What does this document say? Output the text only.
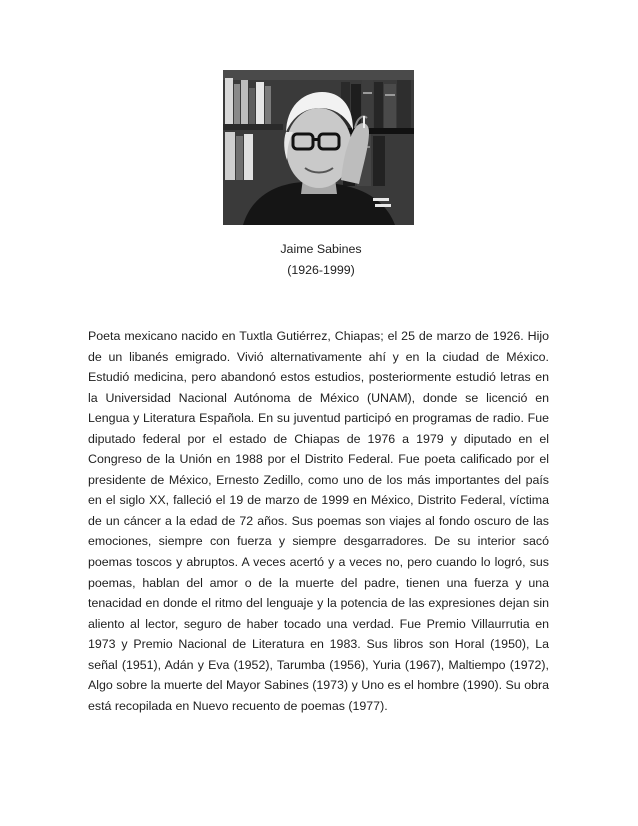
Jaime Sabines
(1926-1999)

Poeta mexicano nacido en Tuxtla Gutiérrez, Chiapas; el 25 de marzo de 1926. Hijo de un libanés emigrado. Vivió alternativamente ahí y en la ciudad de México. Estudió medicina, pero abandonó estos estudios, posteriormente estudió letras en la Universidad Nacional Autónoma de México (UNAM), donde se licenció en Lengua y Literatura Española. En su juventud participó en programas de radio. Fue diputado federal por el estado de Chiapas de 1976 a 1979 y diputado en el Congreso de la Unión en 1988 por el Distrito Federal. Fue poeta calificado por el presidente de México, Ernesto Zedillo, como uno de los más importantes del país en el siglo XX, falleció el 19 de marzo de 1999 en México, Distrito Federal, víctima de un cáncer a la edad de 72 años. Sus poemas son viajes al fondo oscuro de las emociones, siempre con fuerza y siempre desgarradores. De su interior sacó poemas toscos y abruptos. A veces acertó y a veces no, pero cuando lo logró, sus poemas, hablan del amor o de la muerte del padre, tienen una fuerza y una tenacidad en donde el ritmo del lenguaje y la potencia de las expresiones dejan sin aliento al lector, seguro de haber tocado una verdad. Fue Premio Villaurrutia en 1973 y Premio Nacional de Literatura en 1983. Sus libros son Horal (1950), La señal (1951), Adán y Eva (1952), Tarumba (1956), Yuria (1967), Maltiempo (1972), Algo sobre la muerte del Mayor Sabines (1973) y Uno es el hombre (1990). Su obra está recopilada en Nuevo recuento de poemas (1977).
